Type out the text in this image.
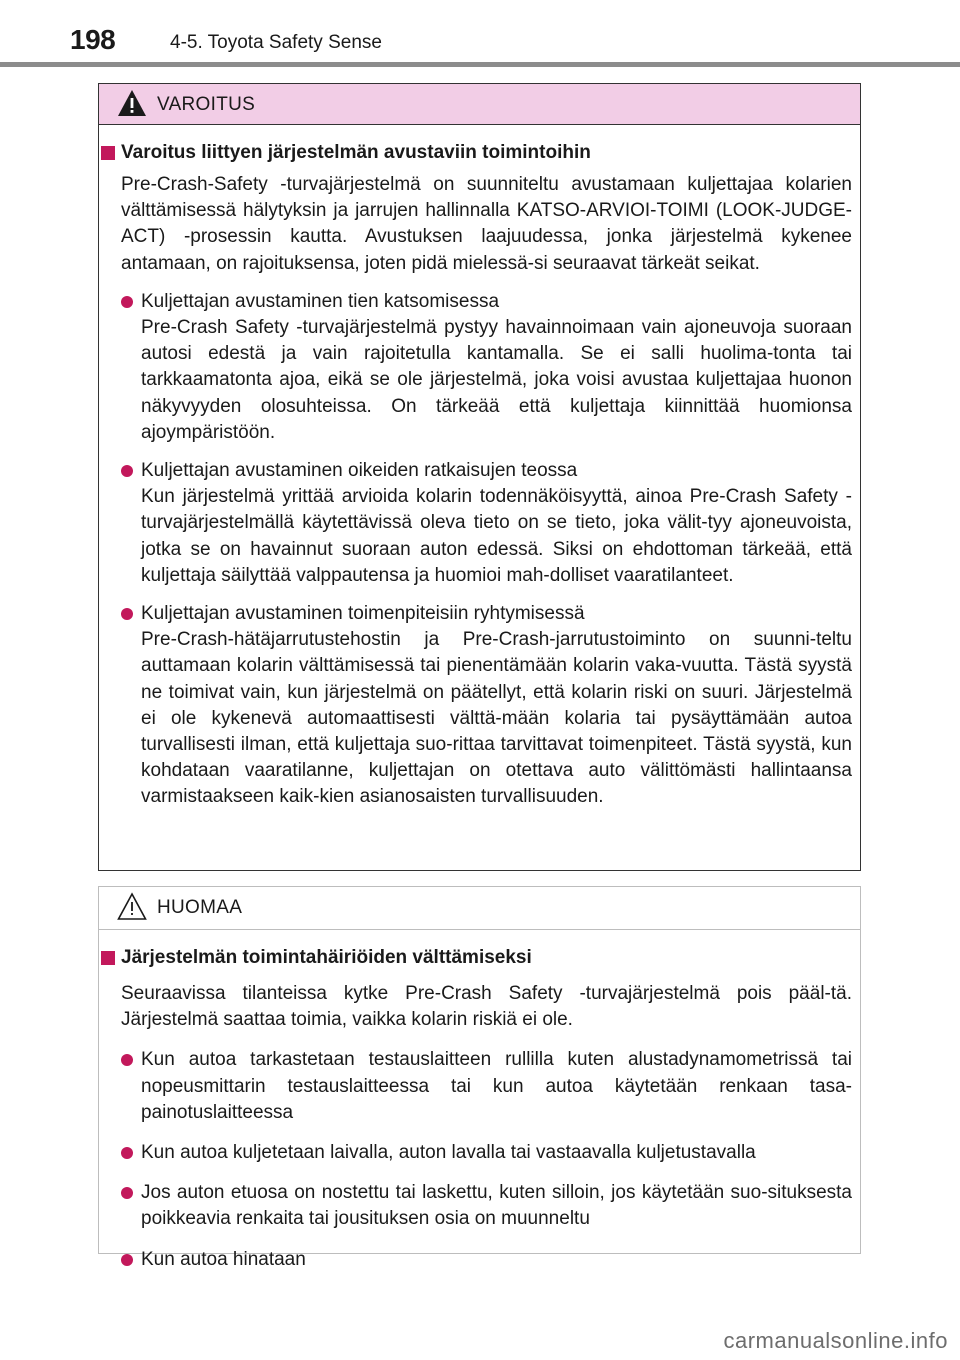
198	4-5. Toyota Safety Sense
VAROITUS
Varoitus liittyen järjestelmän avustaviin toimintoihin

Pre-Crash-Safety -turvajärjestelmä on suunniteltu avustamaan kuljettajaa kolarien välttämisessä hälytyksin ja jarrujen hallinnalla KATSO-ARVIOI-TOIMI (LOOK-JUDGE-ACT) -prosessin kautta. Avustuksen laajuudessa, jonka järjestelmä kykenee antamaan, on rajoituksensa, joten pidä mielessä-si seuraavat tärkeät seikat.

Kuljettajan avustaminen tien katsomisessa
Pre-Crash Safety -turvajärjestelmä pystyy havainnoimaan vain ajoneuvoja suoraan autosi edestä ja vain rajoitetulla kantamalla. Se ei salli huolima-tonta tai tarkkaamatonta ajoa, eikä se ole järjestelmä, joka voisi avustaa kuljettajaa huonon näkyvyyden olosuhteissa. On tärkeää että kuljettaja kiinnittää huomionsa ajoympäristöön.
Kuljettajan avustaminen oikeiden ratkaisujen teossa
Kun järjestelmä yrittää arvioida kolarin todennäköisyyttä, ainoa Pre-Crash Safety -turvajärjestelmällä käytettävissä oleva tieto on se tieto, joka välit-tyy ajoneuvoista, jotka se on havainnut suoraan auton edessä. Siksi on ehdottoman tärkeää, että kuljettaja säilyttää valppautensa ja huomioi mah-dolliset vaaratilanteet.
Kuljettajan avustaminen toimenpiteisiin ryhtymisessä
Pre-Crash-hätäjarrutustehostin ja Pre-Crash-jarrutustoiminto on suunni-teltu auttamaan kolarin välttämisessä tai pienentämään kolarin vaka-vuutta. Tästä syystä ne toimivat vain, kun järjestelmä on päätellyt, että kolarin riski on suuri. Järjestelmä ei ole kykenevä automaattisesti välttä-mään kolaria tai pysäyttämään autoa turvallisesti ilman, että kuljettaja suo-rittaa tarvittavat toimenpiteet. Tästä syystä, kun kohdataan vaaratilanne, kuljettajan on otettava auto välittömästi hallintaansa varmistaakseen kaik-kien asianosaisten turvallisuuden.
HUOMAA
Järjestelmän toimintahäiriöiden välttämiseksi

Seuraavissa tilanteissa kytke Pre-Crash Safety -turvajärjestelmä pois pääl-tä. Järjestelmä saattaa toimia, vaikka kolarin riskiä ei ole.

Kun autoa tarkastetaan testauslaitteen rullilla kuten alustadynamometrissä tai nopeusmittarin testauslaitteessa tai kun autoa käytetään renkaan tasa-painotuslaitteessa
Kun autoa kuljetetaan laivalla, auton lavalla tai vastaavalla kuljetustavalla
Jos auton etuosa on nostettu tai laskettu, kuten silloin, jos käytetään suo-situksesta poikkeavia renkaita tai jousituksen osia on muunneltu
Kun autoa hinataan
carmanualsonline.info
